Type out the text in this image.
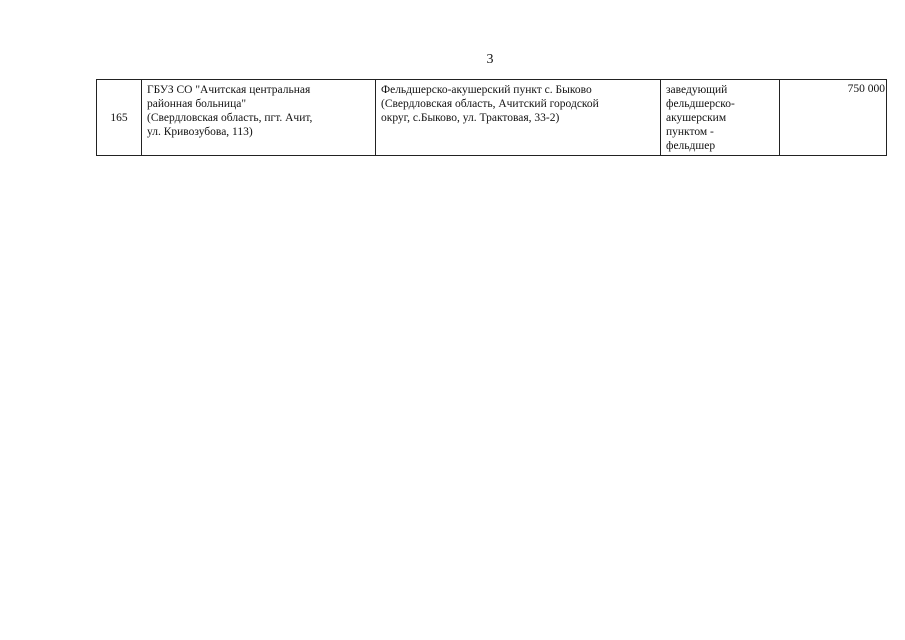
3
165

ГБУЗ СО "Ачитская центральная
районная больница"
(Свердловская область, пгт. Ачит,
ул. Кривозубова, 113)

Фельдшерско-акушерский пункт с. Быково
(Свердловская область, Ачитский городской
округ, с.Быково, ул. Трактовая, 33-2)

заведующий
фельдшерско-
акушерским
пунктом -
фельдшер

750 000
